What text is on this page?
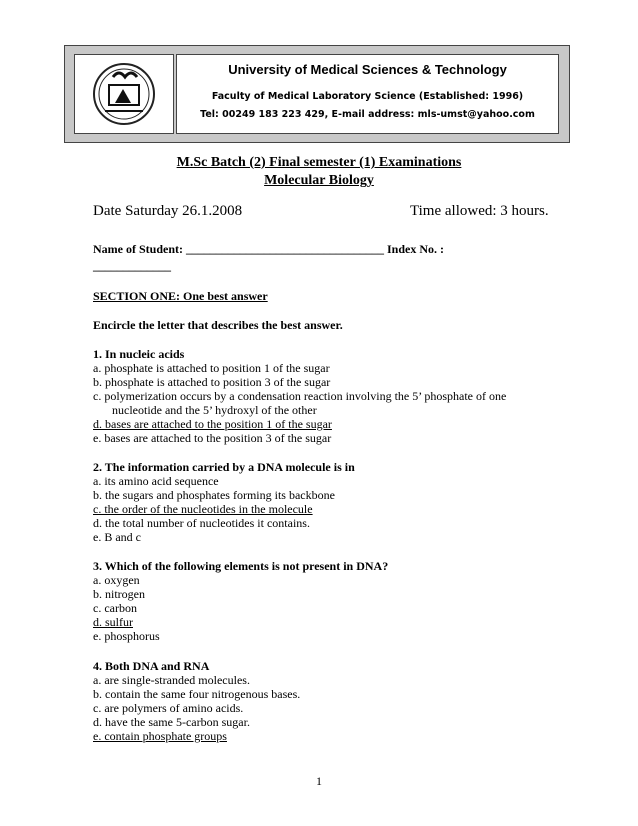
University of Medical Sciences & Technology
Faculty of Medical Laboratory Science (Established: 1996)
Tel: 00249 183 223 429, E-mail address: mls-umst@yahoo.com
M.Sc Batch (2) Final semester (1) Examinations
Molecular Biology
Date Saturday 26.1.2008	Time allowed: 3 hours.
Name of Student: _________________________________ Index No. :
_____________
SECTION ONE: One best answer
Encircle the letter that describes the best answer.
1. In nucleic acids
a. phosphate is attached to position 1 of the sugar
b. phosphate is attached to position 3 of the sugar
c. polymerization occurs by a condensation reaction involving the 5’ phosphate of one
nucleotide and the 5’ hydroxyl of the other
d. bases are attached to the position 1 of the sugar
e. bases are attached to the position 3 of the sugar
2. The information carried by a DNA molecule is in
a. its amino acid sequence
b. the sugars and phosphates forming its backbone
c. the order of the nucleotides in the molecule
d. the total number of nucleotides it contains.
e. B and c
3. Which of the following elements is not present in DNA?
a. oxygen
b. nitrogen
c. carbon
d. sulfur
e. phosphorus
4. Both DNA and RNA
a. are single-stranded molecules.
b. contain the same four nitrogenous bases.
c. are polymers of amino acids.
d. have the same 5-carbon sugar.
e. contain phosphate groups
1
